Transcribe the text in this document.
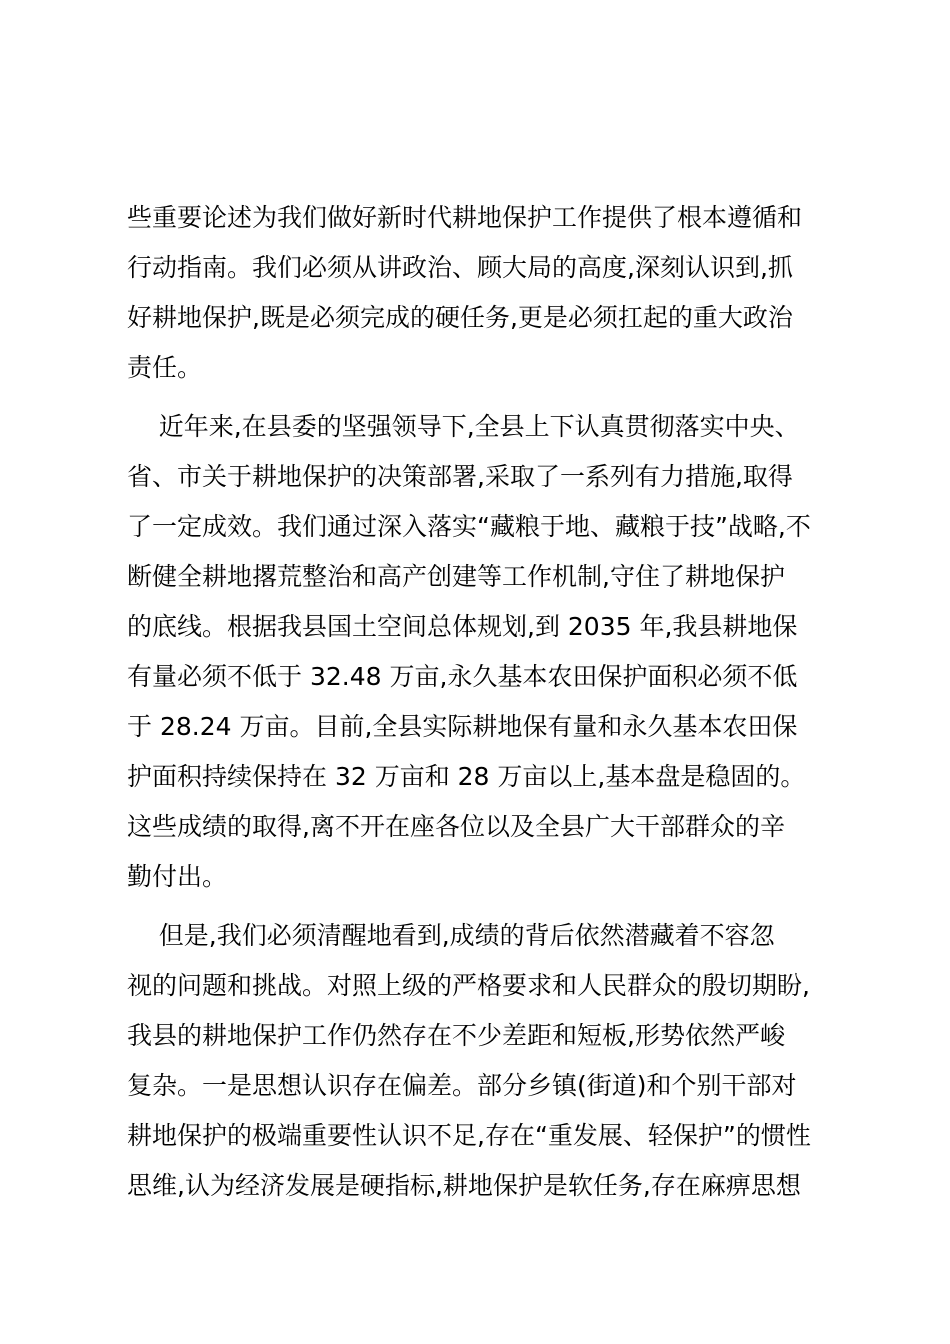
些重要论述为我们做好新时代耕地保护工作提供了根本遵循和
行动指南。我们必须从讲政治、顾大局的高度,深刻认识到,抓
好耕地保护,既是必须完成的硬任务,更是必须扛起的重大政治
责任。

近年来,在县委的坚强领导下,全县上下认真贯彻落实中央、
省、市关于耕地保护的决策部署,采取了一系列有力措施,取得
了一定成效。我们通过深入落实“藏粮于地、藏粮于技”战略,不
断健全耕地撂荒整治和高产创建等工作机制,守住了耕地保护
的底线。根据我县国土空间总体规划,到 2035 年,我县耕地保
有量必须不低于 32.48 万亩,永久基本农田保护面积必须不低
于 28.24 万亩。目前,全县实际耕地保有量和永久基本农田保
护面积持续保持在 32 万亩和 28 万亩以上,基本盘是稳固的。
这些成绩的取得,离不开在座各位以及全县广大干部群众的辛
勤付出。

但是,我们必须清醒地看到,成绩的背后依然潜藏着不容忽
视的问题和挑战。对照上级的严格要求和人民群众的殷切期盼,
我县的耕地保护工作仍然存在不少差距和短板,形势依然严峻
复杂。一是思想认识存在偏差。部分乡镇(街道)和个别干部对
耕地保护的极端重要性认识不足,存在“重发展、轻保护”的惯性
思维,认为经济发展是硬指标,耕地保护是软任务,存在麻痹思想
